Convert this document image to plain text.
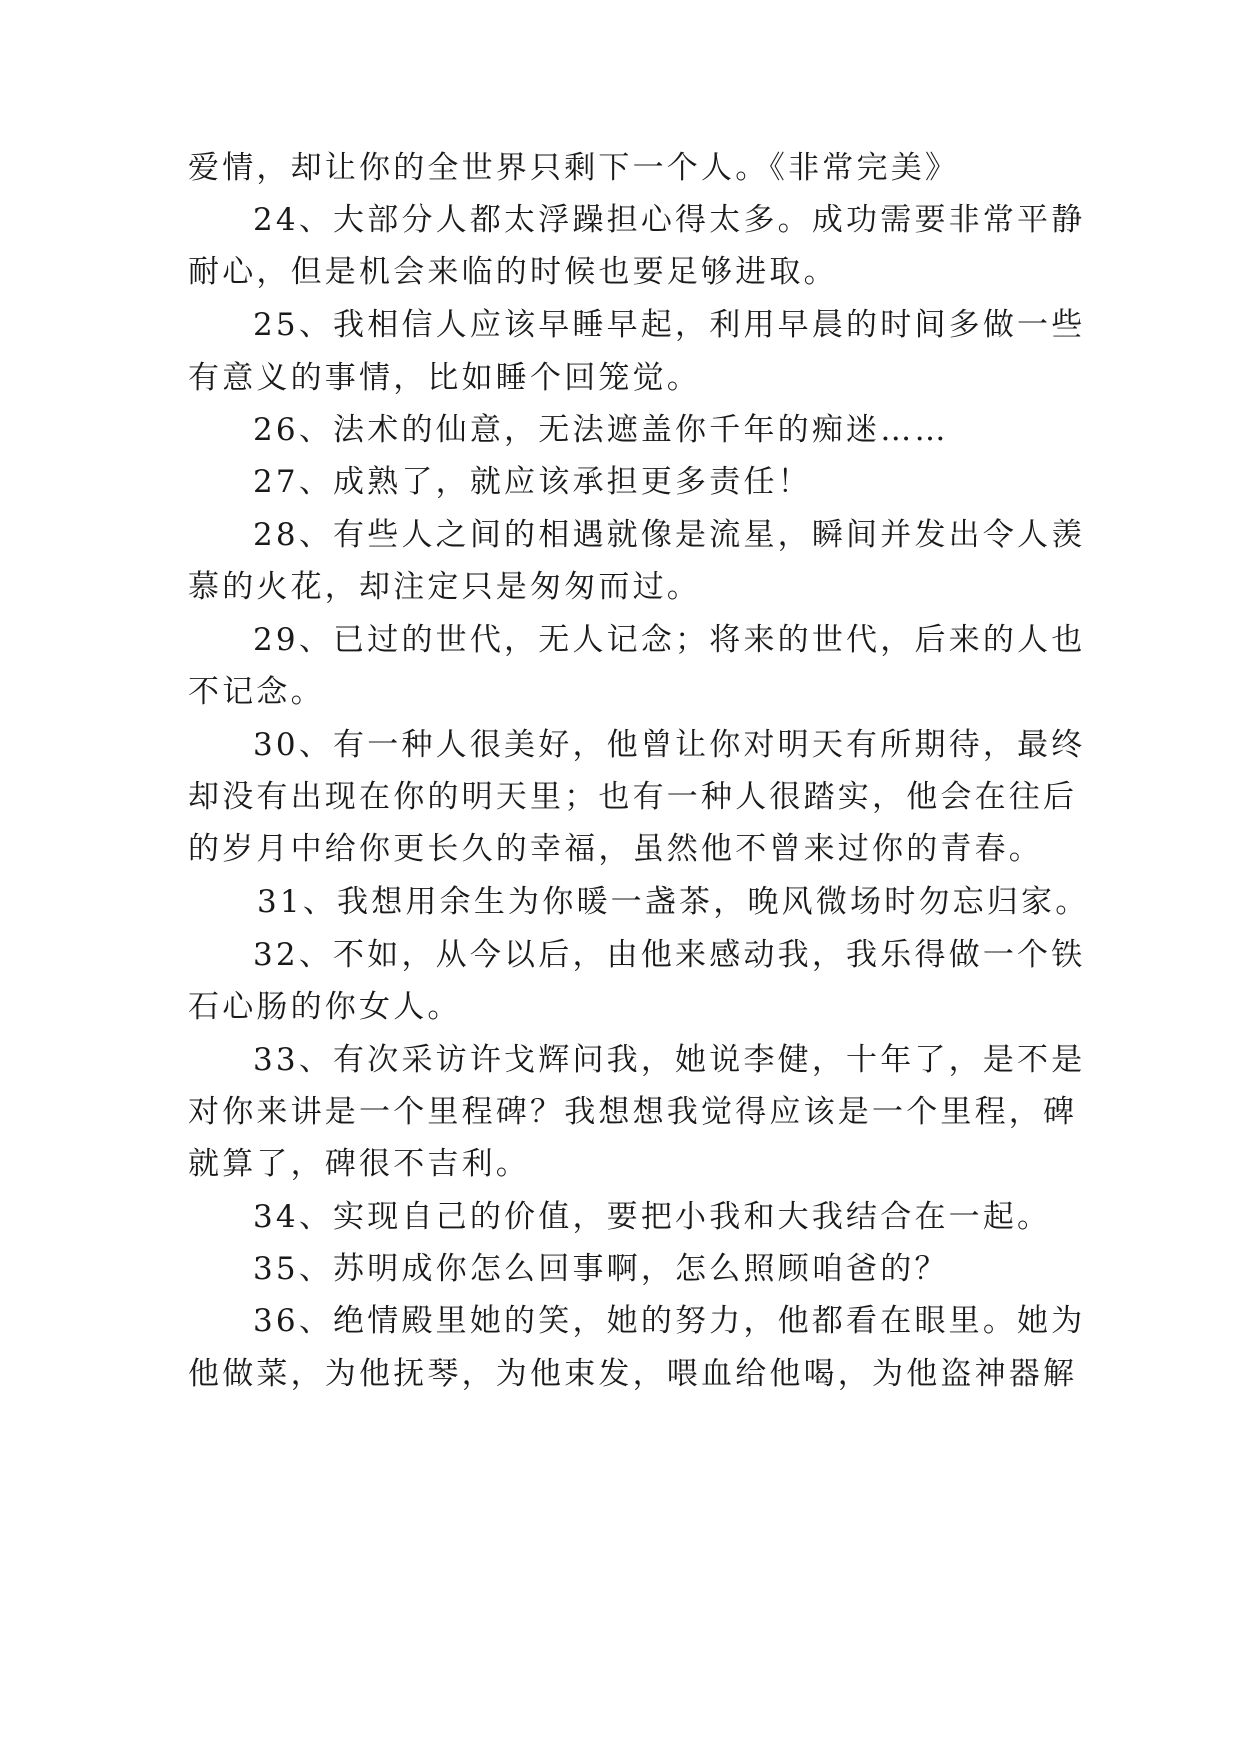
爱情，却让你的全世界只剩下一个人。《非常完美》
24、大部分人都太浮躁担心得太多。成功需要非常平静
耐心，但是机会来临的时候也要足够进取。
25、我相信人应该早睡早起，利用早晨的时间多做一些
有意义的事情，比如睡个回笼觉。
26、法术的仙意，无法遮盖你千年的痴迷……
27、成熟了，就应该承担更多责任！
28、有些人之间的相遇就像是流星，瞬间并发出令人羡
慕的火花，却注定只是匆匆而过。
29、已过的世代，无人记念；将来的世代，后来的人也
不记念。
30、有一种人很美好，他曾让你对明天有所期待，最终
却没有出现在你的明天里；也有一种人很踏实，他会在往后
的岁月中给你更长久的幸福，虽然他不曾来过你的青春。
31、我想用余生为你暖一盏茶，晚风微场时勿忘归家。
32、不如，从今以后，由他来感动我，我乐得做一个铁
石心肠的你女人。
33、有次采访许戈辉问我，她说李健，十年了，是不是
对你来讲是一个里程碑？我想想我觉得应该是一个里程，碑
就算了，碑很不吉利。
34、实现自己的价值，要把小我和大我结合在一起。
35、苏明成你怎么回事啊，怎么照顾咱爸的？
36、绝情殿里她的笑，她的努力，他都看在眼里。她为
他做菜，为他抚琴，为他束发，喂血给他喝，为他盗神器解
